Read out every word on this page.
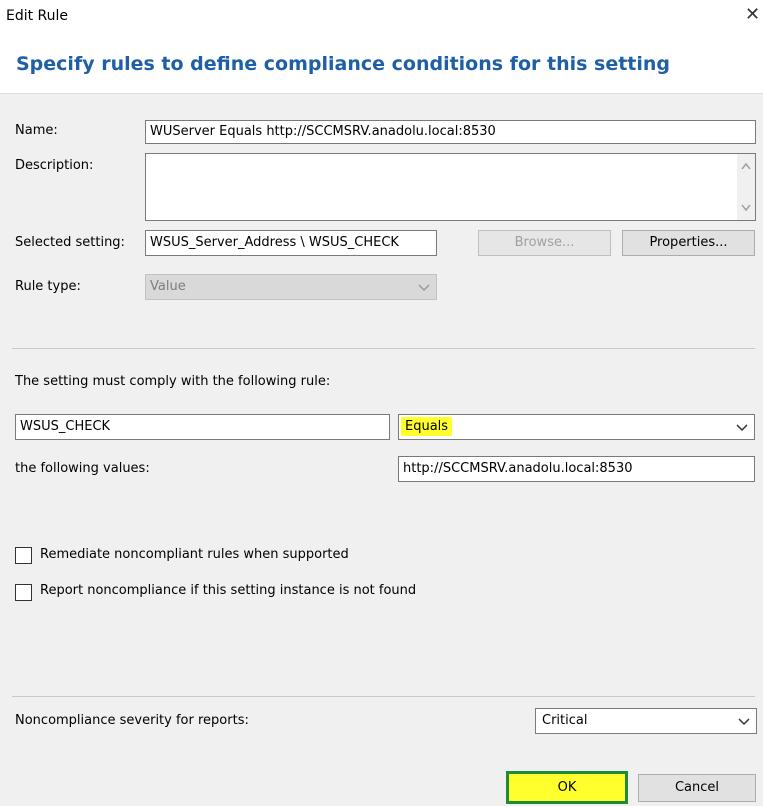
Edit Rule	✕
Specify rules to define compliance conditions for this setting
Name:	WUServer Equals http://SCCMSRV.anadolu.local:8530
Description:
Selected setting:	WSUS_Server_Address \ WSUS_CHECK	Browse...	Properties...
Rule type:	Value
The setting must comply with the following rule:
WSUS_CHECK	Equals
the following values:	http://SCCMSRV.anadolu.local:8530
Remediate noncompliant rules when supported
Report noncompliance if this setting instance is not found
Noncompliance severity for reports:	Critical
OK	Cancel
